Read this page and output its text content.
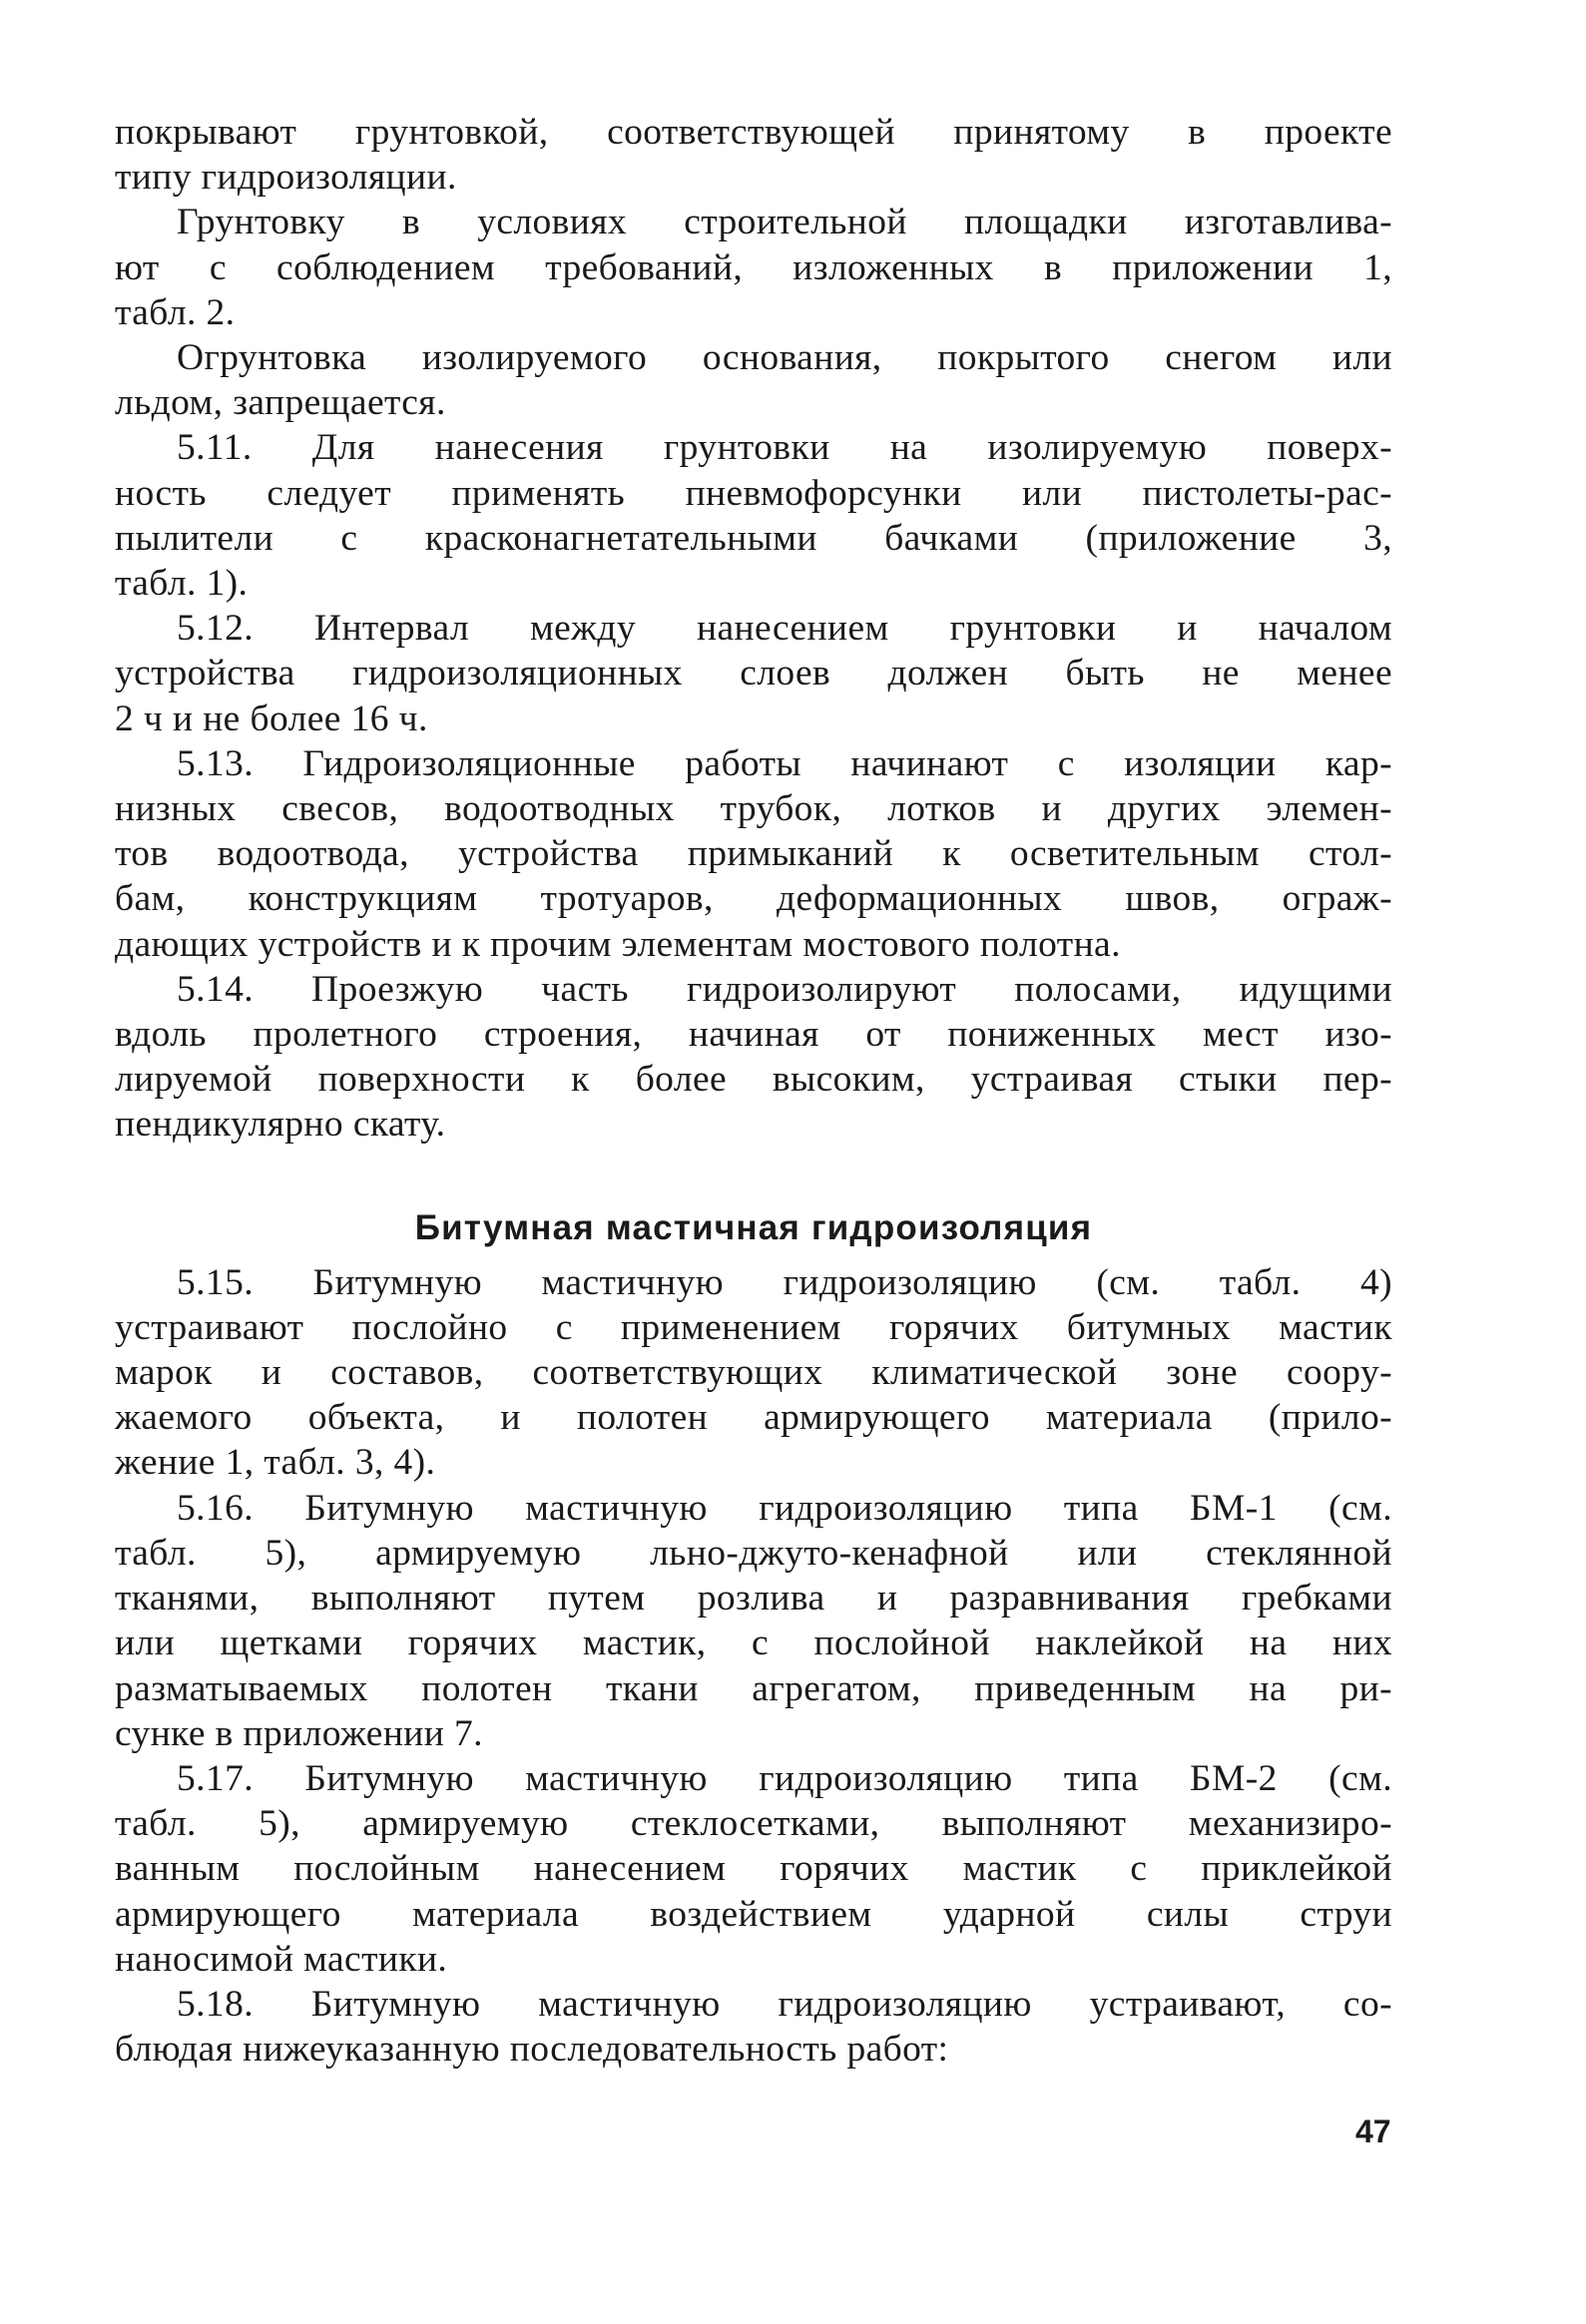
покрывают грунтовкой, соответствующей принятому в проекте
типу гидроизоляции.
Грунтовку в условиях строительной площадки изготавлива-
ют с соблюдением требований, изложенных в приложении 1,
табл. 2.
Огрунтовка изолируемого основания, покрытого снегом или
льдом, запрещается.
5.11. Для нанесения грунтовки на изолируемую поверх-
ность следует применять пневмофорсунки или пистолеты-рас-
пылители с красконагнетательными бачками (приложение 3,
табл. 1).
5.12. Интервал между нанесением грунтовки и началом
устройства гидроизоляционных слоев должен быть не менее
2 ч и не более 16 ч.
5.13. Гидроизоляционные работы начинают с изоляции кар-
низных свесов, водоотводных трубок, лотков и других элемен-
тов водоотвода, устройства примыканий к осветительным стол-
бам, конструкциям тротуаров, деформационных швов, ограж-
дающих устройств и к прочим элементам мостового полотна.
5.14. Проезжую часть гидроизолируют полосами, идущими
вдоль пролетного строения, начиная от пониженных мест изо-
лируемой поверхности к более высоким, устраивая стыки пер-
пендикулярно скату.
Битумная мастичная гидроизоляция
5.15. Битумную мастичную гидроизоляцию (см. табл. 4)
устраивают послойно с применением горячих битумных мастик
марок и составов, соответствующих климатической зоне соору-
жаемого объекта, и полотен армирующего материала (прило-
жение 1, табл. 3, 4).
5.16. Битумную мастичную гидроизоляцию типа БМ-1 (см.
табл. 5), армируемую льно-джуто-кенафной или стеклянной
тканями, выполняют путем розлива и разравнивания гребками
или щетками горячих мастик, с послойной наклейкой на них
разматываемых полотен ткани агрегатом, приведенным на ри-
сунке в приложении 7.
5.17. Битумную мастичную гидроизоляцию типа БМ-2 (см.
табл. 5), армируемую стеклосетками, выполняют механизиро-
ванным послойным нанесением горячих мастик с приклейкой
армирующего материала воздействием ударной силы струи
наносимой мастики.
5.18. Битумную мастичную гидроизоляцию устраивают, со-
блюдая нижеуказанную последовательность работ:
47
